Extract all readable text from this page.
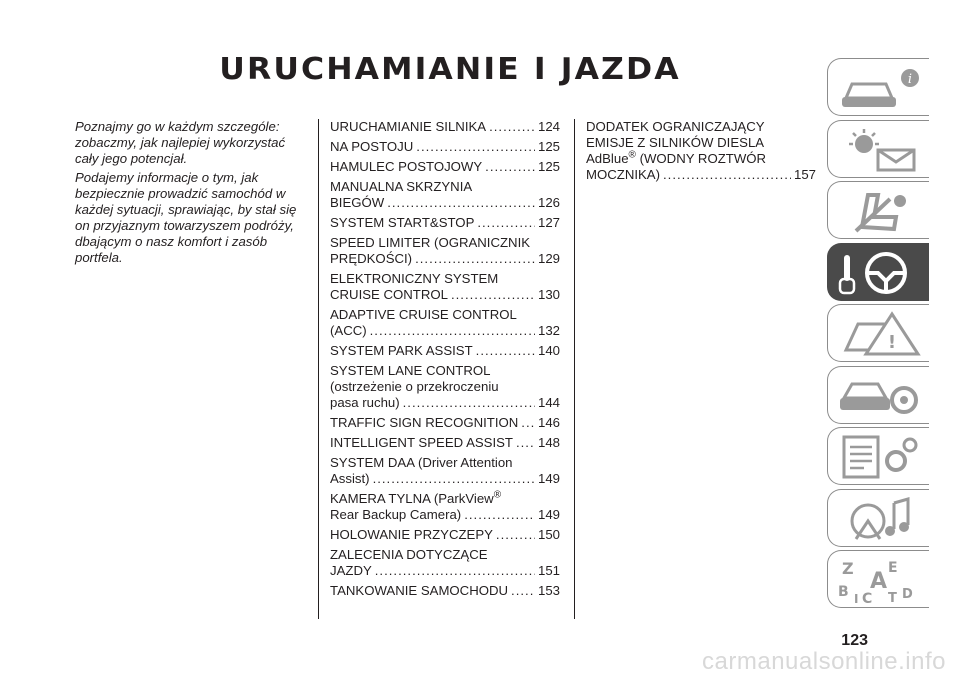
URUCHAMIANIE I JAZDA

Poznajmy go w każdym szczególe: zobaczmy, jak najlepiej wykorzystać cały jego potencjał.

Podajemy informacje o tym, jak bezpiecznie prowadzić samochód w każdej sytuacji, sprawiając, by stał się on przyjaznym towarzyszem podróży, dbającym o nasz komfort i zasób portfela.

URUCHAMIANIE SILNIKA .....	124
NA POSTOJU .....	125
HAMULEC POSTOJOWY .....	125
MANUALNA SKRZYNIA
BIEGÓW .....	126
SYSTEM START&STOP .....	127
SPEED LIMITER (OGRANICZNIK
PRĘDKOŚCI) .....	129
ELEKTRONICZNY SYSTEM
CRUISE CONTROL .....	130
ADAPTIVE CRUISE CONTROL
(ACC) .....	132
SYSTEM PARK ASSIST .....	140
SYSTEM LANE CONTROL
(ostrzeżenie o przekroczeniu
pasa ruchu) .....	144
TRAFFIC SIGN RECOGNITION ..... 146
INTELLIGENT SPEED ASSIST ..... 148
SYSTEM DAA (Driver Attention
Assist) .....	149
KAMERA TYLNA (ParkView®
Rear Backup Camera) .....	149
HOLOWANIE PRZYCZEPY .....	150
ZALECENIA DOTYCZĄCE
JAZDY .....	151
TANKOWANIE SAMOCHODU ..... 153
DODATEK OGRANICZAJĄCY
EMISJE Z SILNIKÓW DIESLA
AdBlue® (WODNY ROZTWÓR
MOCZNIKA) .....	157
i
!
Z E
A
B I C T D
123
carmanualsonline.info
